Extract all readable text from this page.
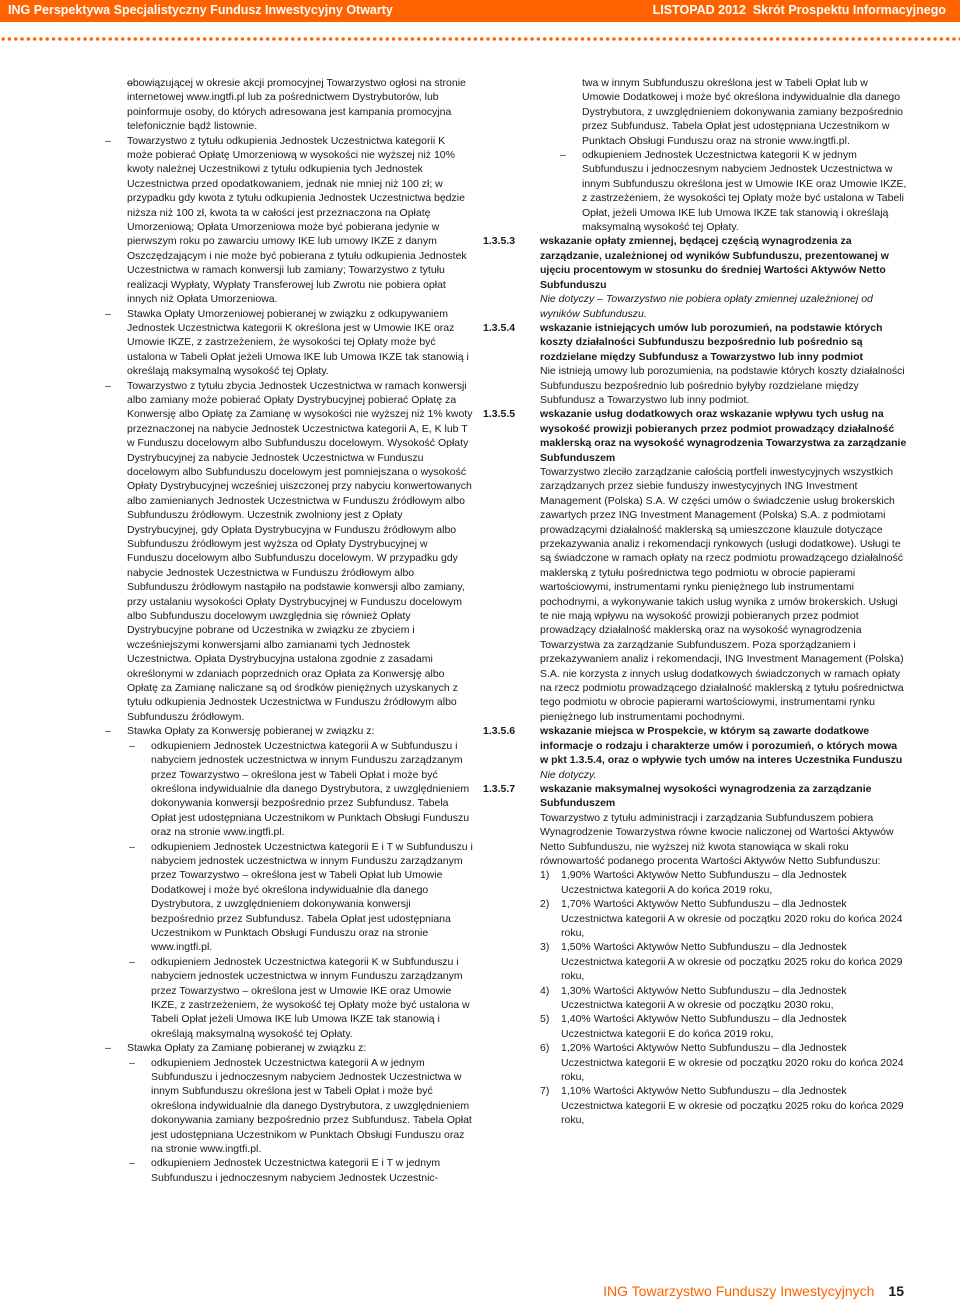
ING Perspektywa Specjalistyczny Fundusz Inwestycyjny Otwarty	LISTOPAD 2012 Skrót Prospektu Informacyjnego

– obowiązującej w okresie akcji promocyjnej Towarzystwo ogłosi na stronie internetowej www.ingtfi.pl lub za pośrednictwem Dystrybutorów, lub poinformuje osoby, do których adresowana jest kampania promocyjna telefonicznie bądź listownie.

– Towarzystwo z tytułu odkupienia Jednostek Uczestnictwa kategorii K może pobierać Opłatę Umorzeniową w wysokości nie wyższej niż 10% kwoty należnej Uczestnikowi z tytułu odkupienia tych Jednostek Uczestnictwa przed opodatkowaniem, jednak nie mniej niż 100 zł; w przypadku gdy kwota z tytułu odkupienia Jednostek Uczestnictwa będzie niższa niż 100 zł, kwota ta w całości jest przeznaczona na Opłatę Umorzeniową; Opłata Umorzeniowa może być pobierana jedynie w pierwszym roku po zawarciu umowy IKE lub umowy IKZE z danym Oszczędzającym i nie może być pobierana z tytułu odkupienia Jednostek Uczestnictwa w ramach konwersji lub zamiany; Towarzystwo z tytułu realizacji Wypłaty, Wypłaty Transferowej lub Zwrotu nie pobiera opłat innych niż Opłata Umorzeniowa.

– Stawka Opłaty Umorzeniowej pobieranej w związku z odkupywaniem Jednostek Uczestnictwa kategorii K określona jest w Umowie IKE oraz Umowie IKZE, z zastrzeżeniem, że wysokości tej Opłaty może być ustalona w Tabeli Opłat jeżeli Umowa IKE lub Umowa IKZE tak stanowią i określają maksymalną wysokość tej Opłaty.

– Towarzystwo z tytułu zbycia Jednostek Uczestnictwa w ramach konwersji albo zamiany może pobierać Opłaty Dystrybucyjnej pobierać Opłatę za Konwersję albo Opłatę za Zamianę w wysokości nie wyższej niż 1% kwoty przeznaczonej na nabycie Jednostek Uczestnictwa kategorii A, E, K lub T w Funduszu docelowym albo Subfunduszu docelowym. Wysokość Opłaty Dystrybucyjnej za nabycie Jednostek Uczestnictwa w Funduszu docelowym albo Subfunduszu docelowym jest pomniejszana o wysokość Opłaty Dystrybucyjnej wcześniej uiszczonej przy nabyciu konwertowanych albo zamienianych Jednostek Uczestnictwa w Funduszu źródłowym albo Subfunduszu źródłowym. Uczestnik zwolniony jest z Opłaty Dystrybucyjnej, gdy Opłata Dystrybucyjna w Funduszu źródłowym albo Subfunduszu źródłowym jest wyższa od Opłaty Dystrybucyjnej w Funduszu docelowym albo Subfunduszu docelowym. W przypadku gdy nabycie Jednostek Uczestnictwa w Funduszu źródłowym albo Subfunduszu źródłowym nastąpiło na podstawie konwersji albo zamiany, przy ustalaniu wysokości Opłaty Dystrybucyjnej w Funduszu docelowym albo Subfunduszu docelowym uwzględnia się również Opłaty Dystrybucyjne pobrane od Uczestnika w związku ze zbyciem i wcześniejszymi konwersjami albo zamianami tych Jednostek Uczestnictwa. Opłata Dystrybucyjna ustalona zgodnie z zasadami określonymi w zdaniach poprzednich oraz Opłata za Konwersję albo Opłatę za Zamianę naliczane są od środków pieniężnych uzyskanych z tytułu odkupienia Jednostek Uczestnictwa w Funduszu źródłowym albo Subfunduszu źródłowym.

– Stawka Opłaty za Konwersję pobieranej w związku z:

– odkupieniem Jednostek Uczestnictwa kategorii A w Subfunduszu i nabyciem jednostek uczestnictwa w innym Funduszu zarządzanym przez Towarzystwo – określona jest w Tabeli Opłat i może być określona indywidualnie dla danego Dystrybutora, z uwzględnieniem dokonywania konwersji bezpośrednio przez Subfundusz. Tabela Opłat jest udostępniana Uczestnikom w Punktach Obsługi Funduszu oraz na stronie www.ingtfi.pl.

– odkupieniem Jednostek Uczestnictwa kategorii E i T w Subfunduszu i nabyciem jednostek uczestnictwa w innym Funduszu zarządzanym przez Towarzystwo – określona jest w Tabeli Opłat lub Umowie Dodatkowej i może być określona indywidualnie dla danego Dystrybutora, z uwzględnieniem dokonywania konwersji bezpośrednio przez Subfundusz. Tabela Opłat jest udostępniana Uczestnikom w Punktach Obsługi Funduszu oraz na stronie www.ingtfi.pl.

– odkupieniem Jednostek Uczestnictwa kategorii K w Subfunduszu i nabyciem jednostek uczestnictwa w innym Funduszu zarządzanym przez Towarzystwo – określona jest w Umowie IKE oraz Umowie IKZE, z zastrzeżeniem, że wysokość tej Opłaty może być ustalona w Tabeli Opłat jeżeli Umowa IKE lub Umowa IKZE tak stanowią i określają maksymalną wysokość tej Opłaty.

– Stawka Opłaty za Zamianę pobieranej w związku z:

– odkupieniem Jednostek Uczestnictwa kategorii A w jednym Subfunduszu i jednoczesnym nabyciem Jednostek Uczestnictwa w innym Subfunduszu określona jest w Tabeli Opłat i może być określona indywidualnie dla danego Dystrybutora, z uwzględnieniem dokonywania zamiany bezpośrednio przez Subfundusz. Tabela Opłat jest udostępniana Uczestnikom w Punktach Obsługi Funduszu oraz na stronie www.ingtfi.pl.

– odkupieniem Jednostek Uczestnictwa kategorii E i T w jednym Subfunduszu i jednoczesnym nabyciem Jednostek Uczestnic-

twa w innym Subfunduszu określona jest w Tabeli Opłat lub w Umowie Dodatkowej i może być określona indywidualnie dla danego Dystrybutora, z uwzględnieniem dokonywania zamiany bezpośrednio przez Subfundusz. Tabela Opłat jest udostępniana Uczestnikom w Punktach Obsługi Funduszu oraz na stronie www.ingtfi.pl.

– odkupieniem Jednostek Uczestnictwa kategorii K w jednym Subfunduszu i jednoczesnym nabyciem Jednostek Uczestnictwa w innym Subfunduszu określona jest w Umowie IKE oraz Umowie IKZE, z zastrzeżeniem, że wysokości tej Opłaty może być ustalona w Tabeli Opłat, jeżeli Umowa IKE lub Umowa IKZE tak stanowią i określają maksymalną wysokość tej Opłaty.

1.3.5.3 wskazanie opłaty zmiennej, będącej częścią wynagrodzenia za zarządzanie, uzależnionej od wyników Subfunduszu, prezentowanej w ujęciu procentowym w stosunku do średniej Wartości Aktywów Netto Subfunduszu
Nie dotyczy – Towarzystwo nie pobiera opłaty zmiennej uzależnionej od wyników Subfunduszu.
1.3.5.4 wskazanie istniejących umów lub porozumień, na podstawie których koszty działalności Subfunduszu bezpośrednio lub pośrednio są rozdzielane między Subfundusz a Towarzystwo lub inny podmiot
Nie istnieją umowy lub porozumienia, na podstawie których koszty działalności Subfunduszu bezpośrednio lub pośrednio byłyby rozdzielane między Subfundusz a Towarzystwo lub inny podmiot.
1.3.5.5 wskazanie usług dodatkowych oraz wskazanie wpływu tych usług na wysokość prowizji pobieranych przez podmiot prowadzący działalność maklerską oraz na wysokość wynagrodzenia Towarzystwa za zarządzanie Subfunduszem
Towarzystwo zleciło zarządzanie całością portfeli inwestycyjnych wszystkich zarządzanych przez siebie funduszy inwestycyjnych ING Investment Management (Polska) S.A. W części umów o świadczenie usług brokerskich zawartych przez ING Investment Management (Polska) S.A. z podmiotami prowadzącymi działalność maklerską są umieszczone klauzule dotyczące przekazywania analiz i rekomendacji rynkowych (usługi dodatkowe). Usługi te są świadczone w ramach opłaty na rzecz podmiotu prowadzącego działalność maklerską z tytułu pośrednictwa tego podmiotu w obrocie papierami wartościowymi, instrumentami rynku pieniężnego lub instrumentami pochodnymi, a wykonywanie takich usług wynika z umów brokerskich. Usługi te nie mają wpływu na wysokość prowizji pobieranych przez podmiot prowadzący działalność maklerską oraz na wysokość wynagrodzenia Towarzystwa za zarządzanie Subfunduszem. Poza sporządzaniem i przekazywaniem analiz i rekomendacji, ING Investment Management (Polska) S.A. nie korzysta z innych usług dodatkowych świadczonych w ramach opłaty na rzecz podmiotu prowadzącego działalność maklerską z tytułu pośrednictwa tego podmiotu w obrocie papierami wartościowymi, instrumentami rynku pieniężnego lub instrumentami pochodnymi.
1.3.5.6 wskazanie miejsca w Prospekcie, w którym są zawarte dodatkowe informacje o rodzaju i charakterze umów i porozumień, o których mowa w pkt 1.3.5.4, oraz o wpływie tych umów na interes Uczestnika Funduszu
Nie dotyczy.
1.3.5.7 wskazanie maksymalnej wysokości wynagrodzenia za zarządzanie Subfunduszem
Towarzystwo z tytułu administracji i zarządzania Subfunduszem pobiera Wynagrodzenie Towarzystwa równe kwocie naliczonej od Wartości Aktywów Netto Subfunduszu, nie wyższej niż kwota stanowiąca w skali roku równowartość podanego procenta Wartości Aktywów Netto Subfunduszu:

1) 1,90% Wartości Aktywów Netto Subfunduszu – dla Jednostek Uczestnictwa kategorii A do końca 2019 roku,

2) 1,70% Wartości Aktywów Netto Subfunduszu – dla Jednostek Uczestnictwa kategorii A w okresie od początku 2020 roku do końca 2024 roku,

3) 1,50% Wartości Aktywów Netto Subfunduszu – dla Jednostek Uczestnictwa kategorii A w okresie od początku 2025 roku do końca 2029 roku,

4) 1,30% Wartości Aktywów Netto Subfunduszu – dla Jednostek Uczestnictwa kategorii A w okresie od początku 2030 roku,

5) 1,40% Wartości Aktywów Netto Subfunduszu – dla Jednostek Uczestnictwa kategorii E do końca 2019 roku,

6) 1,20% Wartości Aktywów Netto Subfunduszu – dla Jednostek Uczestnictwa kategorii E w okresie od początku 2020 roku do końca 2024 roku,

7) 1,10% Wartości Aktywów Netto Subfunduszu – dla Jednostek Uczestnictwa kategorii E w okresie od początku 2025 roku do końca 2029 roku,

ING Towarzystwo Funduszy Inwestycyjnych 15
